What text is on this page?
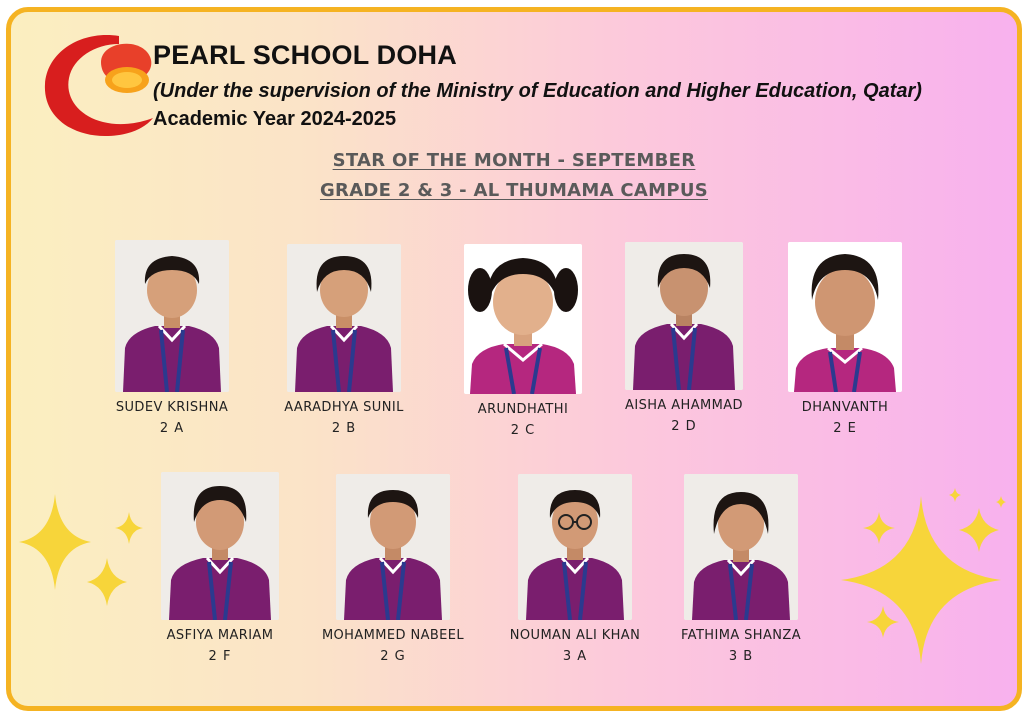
PEARL SCHOOL DOHA
(Under the supervision of the Ministry of Education and Higher Education, Qatar)
Academic Year 2024-2025
STAR OF THE MONTH - SEPTEMBER
GRADE 2 & 3 - AL THUMAMA CAMPUS
SUDEV KRISHNA
2 A
AARADHYA SUNIL
2 B
ARUNDHATHI
2 C
AISHA AHAMMAD
2 D
DHANVANTH
2 E
ASFIYA MARIAM
2 F
MOHAMMED NABEEL
2 G
NOUMAN ALI KHAN
3 A
FATHIMA SHANZA
3 B
